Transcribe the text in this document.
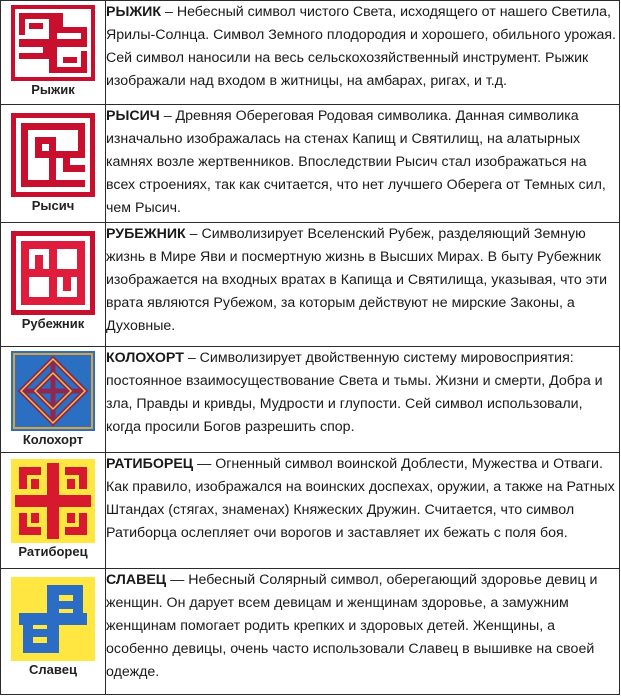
Рыжик	РЫЖИК – Небесный символ чистого Света, исходящего от нашего Светила, Ярилы-Солнца. Символ Земного плодородия и хорошего, обильного урожая. Сей символ наносили на весь сельскохозяйственный инструмент. Рыжик изображали над входом в житницы, на амбарах, ригах, и т.д.

Рысич	РЫСИЧ – Древняя Обереговая Родовая символика. Данная символика изначально изображалась на стенах Капищ и Святилищ, на алатырных камнях возле жертвенников. Впоследствии Рысич стал изображаться на всех строениях, так как считается, что нет лучшего Оберега от Темных сил, чем Рысич.

Рубежник	РУБЕЖНИК – Символизирует Вселенский Рубеж, разделяющий Земную жизнь в Мире Яви и посмертную жизнь в Высших Мирах. В быту Рубежник изображается на входных вратах в Капища и Святилища, указывая, что эти врата являются Рубежом, за которым действуют не мирские Законы, а Духовные.

Колохорт	КОЛОХОРТ – Символизирует двойственную систему мировосприятия: постоянное взаимосуществование Света и тьмы. Жизни и смерти, Добра и зла, Правды и кривды, Мудрости и глупости. Сей символ использовали, когда просили Богов разрешить спор.

Ратиборец	РАТИБОРЕЦ — Огненный символ воинской Доблести, Мужества и Отваги. Как правило, изображался на воинских доспехах, оружии, а также на Ратных Штандах (стягах, знаменах) Княжеских Дружин. Считается, что символ Ратиборца ослепляет очи ворогов и заставляет их бежать с поля боя.

Славец	СЛАВЕЦ — Небесный Солярный символ, оберегающий здоровье девиц и женщин. Он дарует всем девицам и женщинам здоровье, а замужним женщинам помогает родить крепких и здоровых детей. Женщины, а особенно девицы, очень часто использовали Славец в вышивке на своей одежде.
